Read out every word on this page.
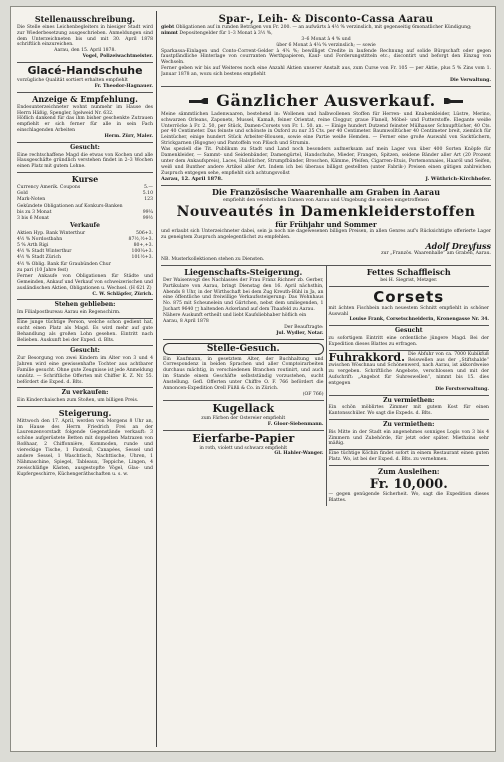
Stellenausschreibung.
Die Stelle eines Leichenbegleiters in hiesiger Stadt wird zur Wiederbesetzung ausgeschrieben. Anmeldungen sind dem Unterzeichneten bis und mit 30. April 1878 schriftlich einzureichen.
Aarau, den 15. April 1878.
Vogel, Polizeiwachtmeister.
Glacé-Handschuhe
vorzügliche Qualität sortiert erhalten empfiehlt
Fr. Theodor-Hagnauer.
Anzeige & Empfehlung.
Endesunterzeichneter wohnt nunmehr im Hause des Herrn Häßig, Spengler, Igelweid Nr. 632.
Höflich dankend für das ihm bisher geschenkte Zutrauen empfiehlt er sich ferner für alle in sein Fach einschlagenden Arbeiten
Herm. Zürr, Maler.
Gesucht:
Eine rechtschaffene Magd die etwas von Kochen und alle Hausgeschäfte gründlich verstehen findet in 2–3 Wochen einen Platz mit gutem Lohne.
Kurse
Currency Amerik. Coupons	5.—
Gold	5.10
Mark-Noten	123
Gekündete Obligationen auf Konkurs-Banken
bis zu 3 Monat	99¼
3 bis 6 Monat	99½
Verkaufe
Aktien Hyp. Bank Winterthur	506+3.
4½ % Nordostbahn	87½,½+3.
5 % Arth Rigi	80+,+3.
4½ % Stadt Winterthur	100¼+3.
4½ % Stadt Zürich	101½+3.
4½ % Oblig. Bank für Graubünden Chur
zu pari (10 Jahre fest)
Ferner Ankaufe von Obligationen für Städte und Gemeinden, Ankauf und Verkauf von schweizerischen und ausländischen Aktien, Obligationen u. Wechsel. (H 621 Z)
C. W. Schläpfer, Zürich.
Stehen geblieben:
Im Filialpostbureau Aarau ein Regenschirm.
Eine junge tüchtige Person, welche schon gedient hat, sucht einen Platz als Magd. Es wird mehr auf gute Behandlung als großen Lohn gesehen. Eintritt nach Belieben. Auskunft bei der Exped. d. Blts.
Gesucht:
Zur Besorgung von zwei Kindern im Alter von 3 und 4 Jahren wird eine gewissenhafte Tochter aus achtbarer Familie gesucht. Ohne gute Zeugnisse ist jede Anmeldung unnütz. — Schriftliche Offerten mit Chiffer K. Z. Nr. 55. befördert die Exped. d. Blts.
Zu verkaufen:
Ein Kinderchaischen zum Stoßen, um billigen Preis.
Steigerung.
Mittwoch den 17. April, werden von Morgens 8 Uhr an, im Hause des Herrn Friedrich Frei an der Laurenzenvorstadt folgende Gegenstände verkauft: 3 schöne aufgerüstete Betten mit doppelten Matrazen von Roßhaar, 2 Chiffonnière, Kommoden, runde und viereckige Tische, 1 Fauteuil, Canapées, Sessel und andere Sessel, 1 Waschtisch, Nachttische, Uhren, 1 Nähmaschine, Spiegel, Tableaux, Teppiche, Lingen, 4 zweischläfige Kästen, ausgestopfte Vögel, Glas- und Kupfergeschirre, Küchengeräthschaften u. s. w.
Spar-, Leih- & Disconto-Cassa Aarau
giebt Obligationen auf in runden Beträgen von Fr. 200. — an aufwärts à 4½ % verzinslich, mit gegenseitig 6monatlicher Kündigung;
nimmt Depositengelder für 1–3 Monat à 3½ %,
3–6 Monat à 4 % und
über 6 Monat à 4¼ % verzinslich; — sowie
Sparkassa-Einlagen und Conto-Corrent-Gelder à 4¼ %; bewilliget Credite in laufende Rechnung auf solide Bürgschaft oder gegen faustpfändliche Hinterlage von courranten Werthpapieren, Kauf- und Forderungstitteln etc.; discontirt und beforgt den Einzug von Wechseln.
Ferner geben wir bis auf Weiteres noch eine Anzahl Aktien unserer Anstalt aus, zum Curse von Fr. 105 — per Aktie, plus 5 % Zins vom 1. Januar 1878 an, wozu sich bestens empfiehlt
Die Verwaltung.
Gänzlicher Ausverkauf.
Meine sämmtlichen Ladenwaaren, bestehend in: Wollenen und halbwollenen Stoffen für Herren- und Knabenkleider, Lüstre, Merino, schwarzen Orleans, Zaponets, Mussel, Kamaß, feiner Orientat, reine Cloggur, graue Flanell, Möbel- und Futterstoffe. Elegante weiße Unterröcke à Fr. 2. 50, per Stück, Damen-Corsets von Fr. 1. 50. an. — Einige hundert Dutzend feinster Mülhauser Schnupftücher, 40 Cts. per 40 Centimeter. Das feinste und schönste in Oxford zu nur 35 Cts. per 40 Centimeter. Baumwolltücher 40 Centimeter breit, ziemlich für Leintücher, einige hundert Stück Arbeiter-Blousen, sowie eine Partie weiße Hemden. — Ferner eine große Auswahl von Sacktüchern, Strickgarnen (Bigogne) und Pantoffeln von Plüsch und Strumin.
Was speziell die Tit. Publikum zu Stadt und Land noch besonders aufmerksam auf mein Lager von über 400 Sorten Knöpfe für Damenkleider, — Sammt- und Seidenbänder, Damengürtel, Handschuhe, Mieder, Frangen, Spitzen, seidene Bänder aller Art (20 Prozent unter dem Ankaufspreis), Laces, Halstücher, Strumpfbänder, Broschen, Kämme, Pfeifen, Cigarren-Etuis, Portemonnaies, Haaröl und Seifen, weiß und Bunther andere Artikel aller Art. Indem ich bei überaus billigst gestellten (unter Fabrik-) Preisen einen gütigen zahlreichen Zuspruch entgegen sehe, empfiehlt sich achtungsvollst
Aarau, 12. April 1878.	J. Wüthrich-Kirchhofer.
Die Französische Waarenhalle am Graben in Aarau
empfiehlt den verehrlichen Damen von Aarau und Umgebung die soeben eingetroffenen
Nouveautés in Damenkleiderstoffen
für Frühjahr und Sommer
und erlaubt sich Unterzeichneter dabei, sein ja noch nie dagewesenen billigen Preisen, in allen Genres auf's Rücksichtigte offerierte Lager zu geneigtem Zuspruch angelegentlichst zu empfehlen.
Adolf Dreyfuss
zur „Französ. Waarenhalle“ am Graben, Aarau.
NB. Musterkollektionen stehen zu Diensten.
Liegenschafts-Steigerung.
Der Waisenvogt des Nachlasses der Frau Franz Richner zb. Gerber, Partikulare von Aarau, bringt Dienstag den 16. April nächsthin, Abends 8 Uhr, in der Wirthschaft bei dem Zug Kreuth-Bühl in Ja, an eine öffentliche und freiwillige Verkaufssteigerung: Das Wohnhaus No. 875 mit Scheunelein und Gärtchen, nebst dem umliegenden, 1 Juchart 9640 □ haltenden Ackerland auf dem Thaafeld zu Aarau.
Nähere Auskunft ertheilt und liebt Kaufsliebhaber höflich ein
Aarau, 8 April 1878
Der Beauftragte:
Jul. Wydler, Notar.
Stelle-Gesuch.
Ein Kaufmann, in gesetztem Alter, der Buchhaltung und Correspondenz in beiden Sprachen und aller Comptoirarbeiten durchaus mächtig, in verschiedenen Branchen routinirt, und auch im Stande einem Geschäfte selbstständig vorzustehen, sucht Anstellung. Gefl. Offerten unter Chiffre O. F. 766 befördert die Annoncen-Expedition Orell Füßli & Co. in Zürich.
(OF 766)
Kugellack
zum Färben der Ostereier empfiehlt
F. Gloor-Siebenmann.
Eierfarbe-Papier
in roth, violett und schwarz empfiehlt
Gl. Hahler-Wanger.
Fettes Schaffleisch
bei H. Siegrist, Metzger.
Corsets
mit ächten Fischbein nach neuestem Schnitt empfiehlt in schöner Auswahl
Louise Frank, Corsetschneiderin, Kronengasse Nr. 34.
Gesucht
zu sofortigem Eintritt eine ordentliche jüngere Magd. Bei der Expedition dieses Blattes zu erfragen.
Fuhrakkord. Die Abfuhr von ca. 7000 Kubikfuß Reiswellen aus der „Stiftshalde“ zwischen Wöschnau und Schönenwerd, nach Aarau, ist akkordweise zu vergeben. Schriftliche Angebote, verschlossen und mit der Aufschrift: „Angebot für Suhreswellen“, nimmt bis 15. dies entgegen
Die Forstverwaltung.
Zu vermiethen:
Ein schön möblirtes Zimmer mit gutem Kost für einen Kantonsschüler. Wo sagt die Expeds. d. Blts.
Zu vermiethen:
Bis Mitte in der Stadt ein angenehmes sonniges Logis von 3 bis 4 Zimmern und Zubehörde, für jetzt oder später. Miethzins sehr mäßig.
Eine tüchtige Köchin findet sofort in einem Restaurant einen guten Platz. Wo, ist bei der Exped. d. Blts. zu vernehmen.
Zum Ausleihen:
Fr. 10,000.
— gegen genügende Sicherheit. Wo, sagt die Expedition dieses Blattes.
